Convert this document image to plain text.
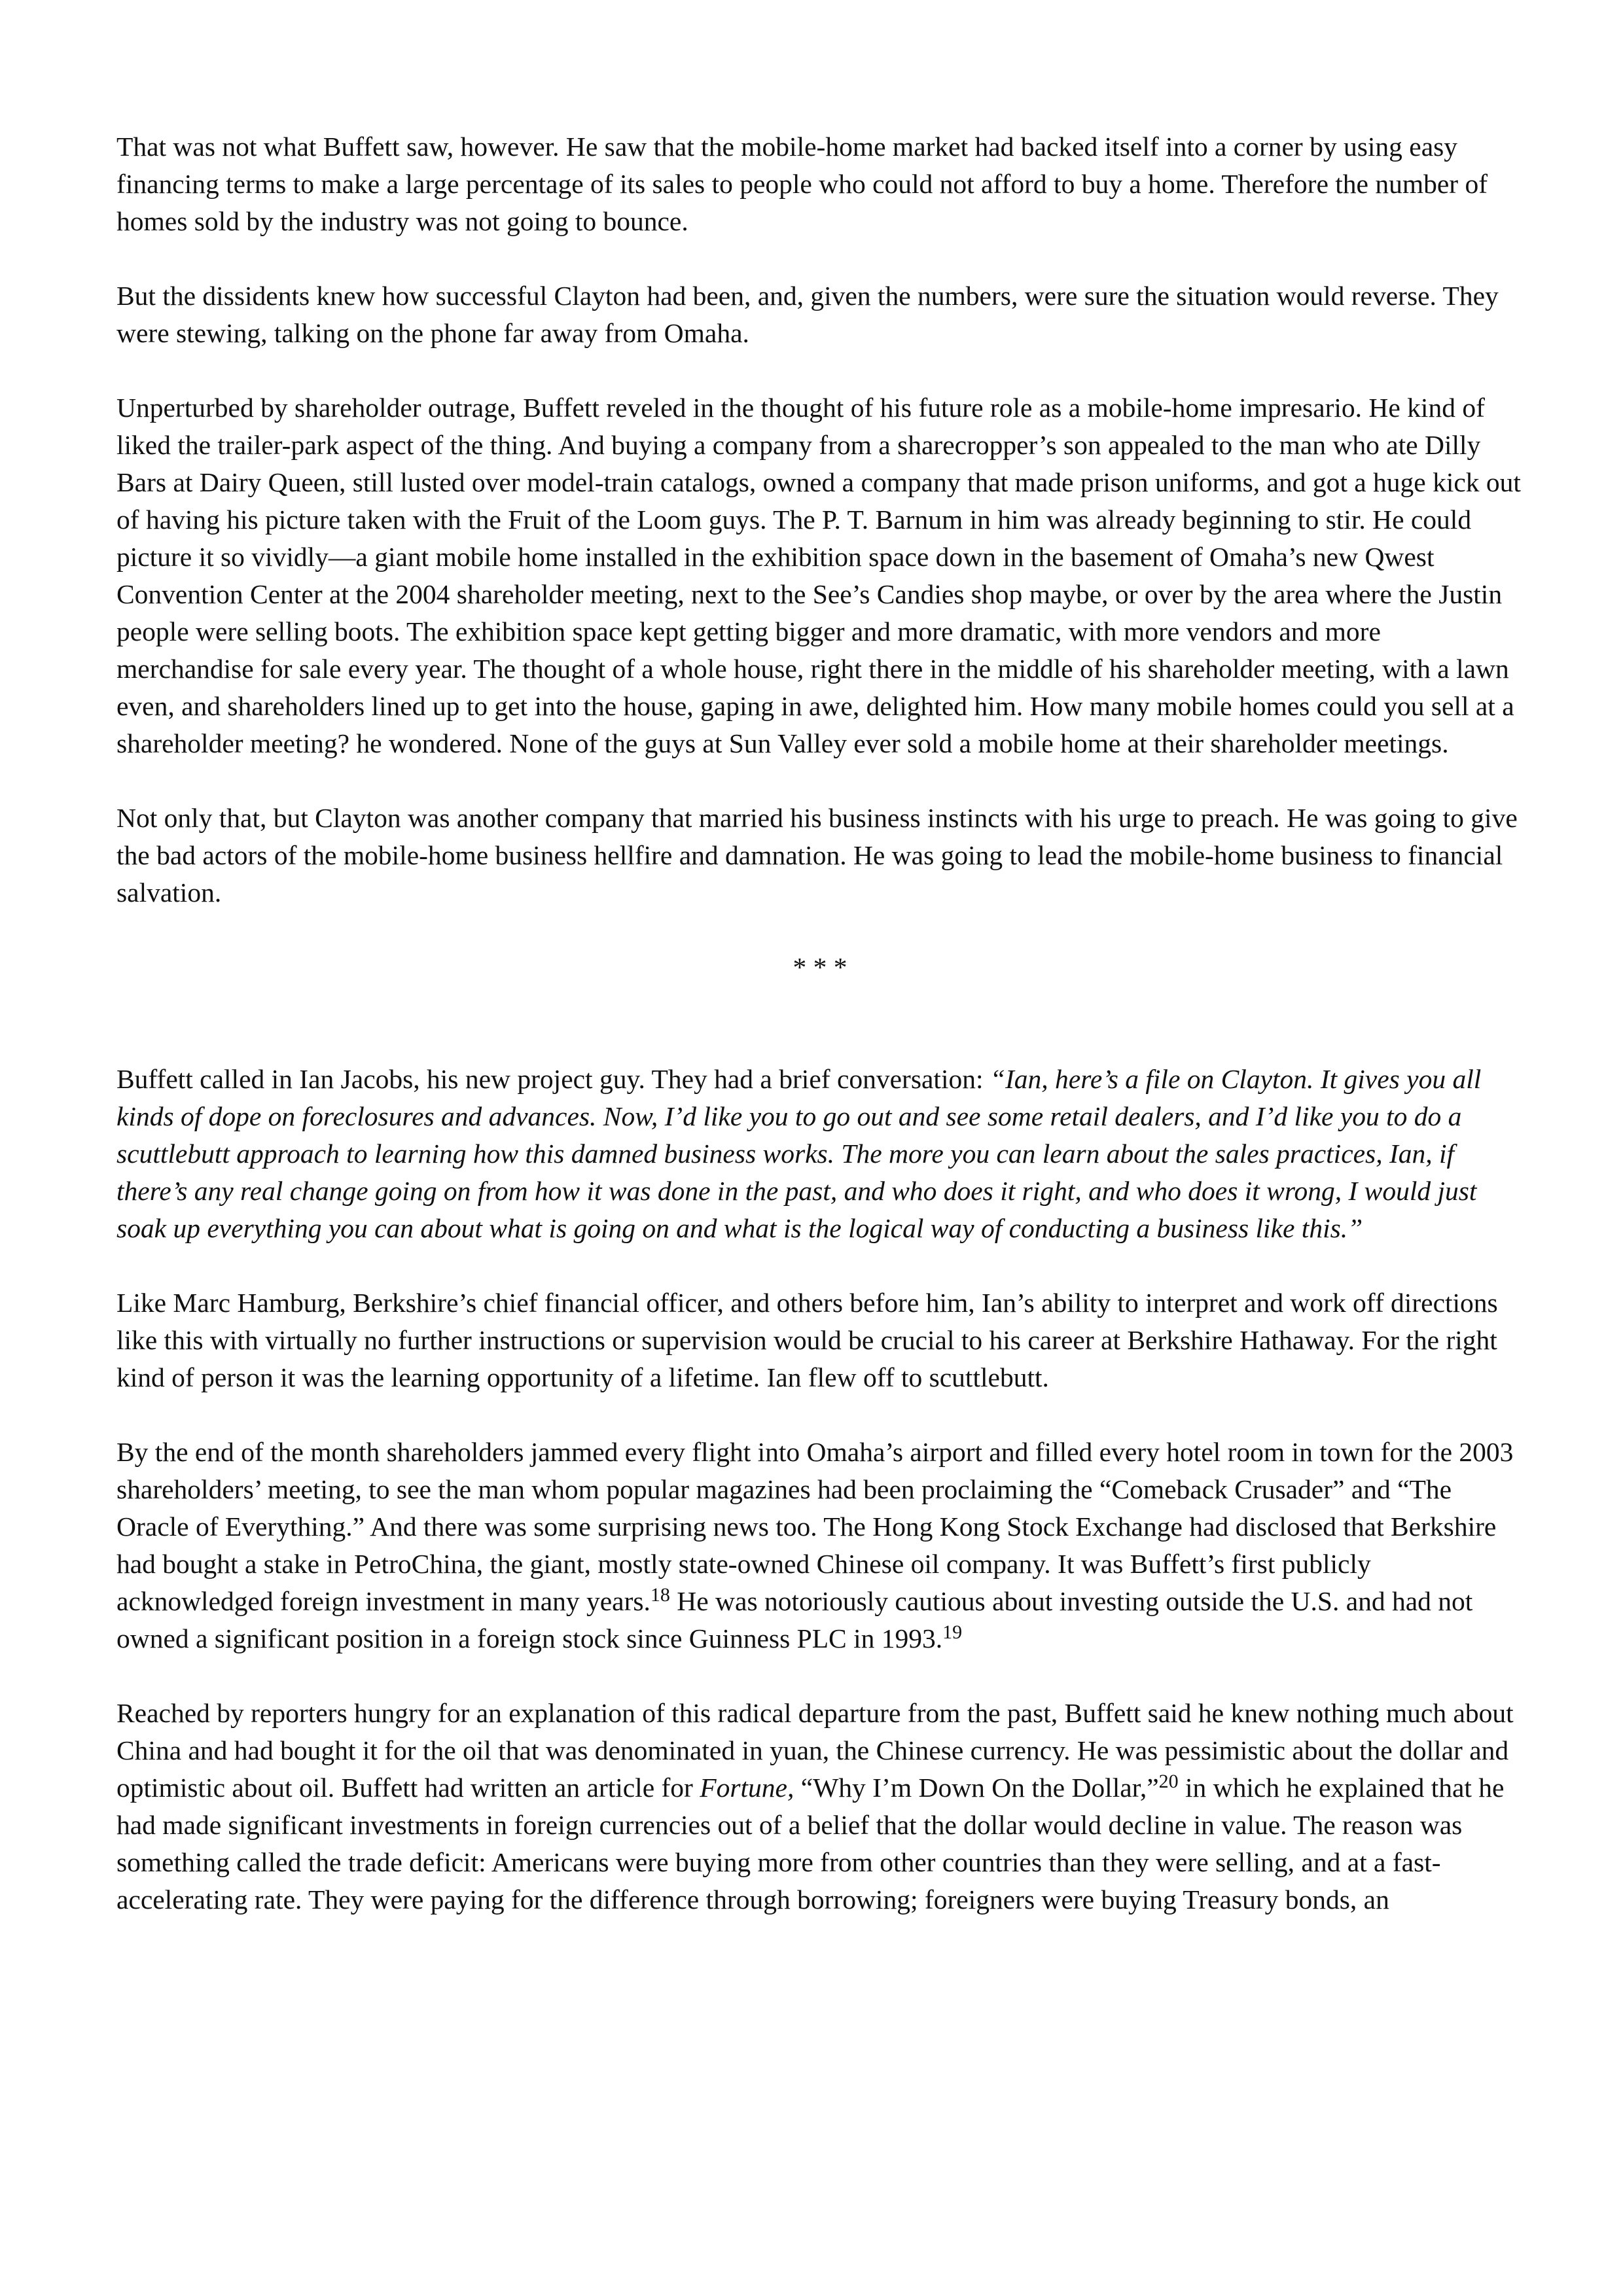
That was not what Buffett saw, however. He saw that the mobile-home market had backed itself into a corner by using easy financing terms to make a large percentage of its sales to people who could not afford to buy a home. Therefore the number of homes sold by the industry was not going to bounce.

But the dissidents knew how successful Clayton had been, and, given the numbers, were sure the situation would reverse. They were stewing, talking on the phone far away from Omaha.

Unperturbed by shareholder outrage, Buffett reveled in the thought of his future role as a mobile-home impresario. He kind of liked the trailer-park aspect of the thing. And buying a company from a sharecropper’s son appealed to the man who ate Dilly Bars at Dairy Queen, still lusted over model-train catalogs, owned a company that made prison uniforms, and got a huge kick out of having his picture taken with the Fruit of the Loom guys. The P. T. Barnum in him was already beginning to stir. He could picture it so vividly—a giant mobile home installed in the exhibition space down in the basement of Omaha’s new Qwest Convention Center at the 2004 shareholder meeting, next to the See’s Candies shop maybe, or over by the area where the Justin people were selling boots. The exhibition space kept getting bigger and more dramatic, with more vendors and more merchandise for sale every year. The thought of a whole house, right there in the middle of his shareholder meeting, with a lawn even, and shareholders lined up to get into the house, gaping in awe, delighted him. How many mobile homes could you sell at a shareholder meeting? he wondered. None of the guys at Sun Valley ever sold a mobile home at their shareholder meetings.

Not only that, but Clayton was another company that married his business instincts with his urge to preach. He was going to give the bad actors of the mobile-home business hellfire and damnation. He was going to lead the mobile-home business to financial salvation.

* * *

Buffett called in Ian Jacobs, his new project guy. They had a brief conversation: “Ian, here’s a file on Clayton. It gives you all kinds of dope on foreclosures and advances. Now, I’d like you to go out and see some retail dealers, and I’d like you to do a scuttlebutt approach to learning how this damned business works. The more you can learn about the sales practices, Ian, if there’s any real change going on from how it was done in the past, and who does it right, and who does it wrong, I would just soak up everything you can about what is going on and what is the logical way of conducting a business like this.”

Like Marc Hamburg, Berkshire’s chief financial officer, and others before him, Ian’s ability to interpret and work off directions like this with virtually no further instructions or supervision would be crucial to his career at Berkshire Hathaway. For the right kind of person it was the learning opportunity of a lifetime. Ian flew off to scuttlebutt.

By the end of the month shareholders jammed every flight into Omaha’s airport and filled every hotel room in town for the 2003 shareholders’ meeting, to see the man whom popular magazines had been proclaiming the “Comeback Crusader” and “The Oracle of Everything.” And there was some surprising news too. The Hong Kong Stock Exchange had disclosed that Berkshire had bought a stake in PetroChina, the giant, mostly state-owned Chinese oil company. It was Buffett’s first publicly acknowledged foreign investment in many years.$^{18}$ He was notoriously cautious about investing outside the U.S. and had not owned a significant position in a foreign stock since Guinness PLC in 1993.19

Reached by reporters hungry for an explanation of this radical departure from the past, Buffett said he knew nothing much about China and had bought it for the oil that was denominated in yuan, the Chinese currency. He was pessimistic about the dollar and optimistic about oil. Buffett had written an article for Fortune, “Why I’m Down On the Dollar,”$^{20}$ in which he explained that he had made significant investments in foreign currencies out of a belief that the dollar would decline in value. The reason was something called the trade deficit: Americans were buying more from other countries than they were selling, and at a fast-accelerating rate. They were paying for the difference through borrowing; foreigners were buying Treasury bonds, an
